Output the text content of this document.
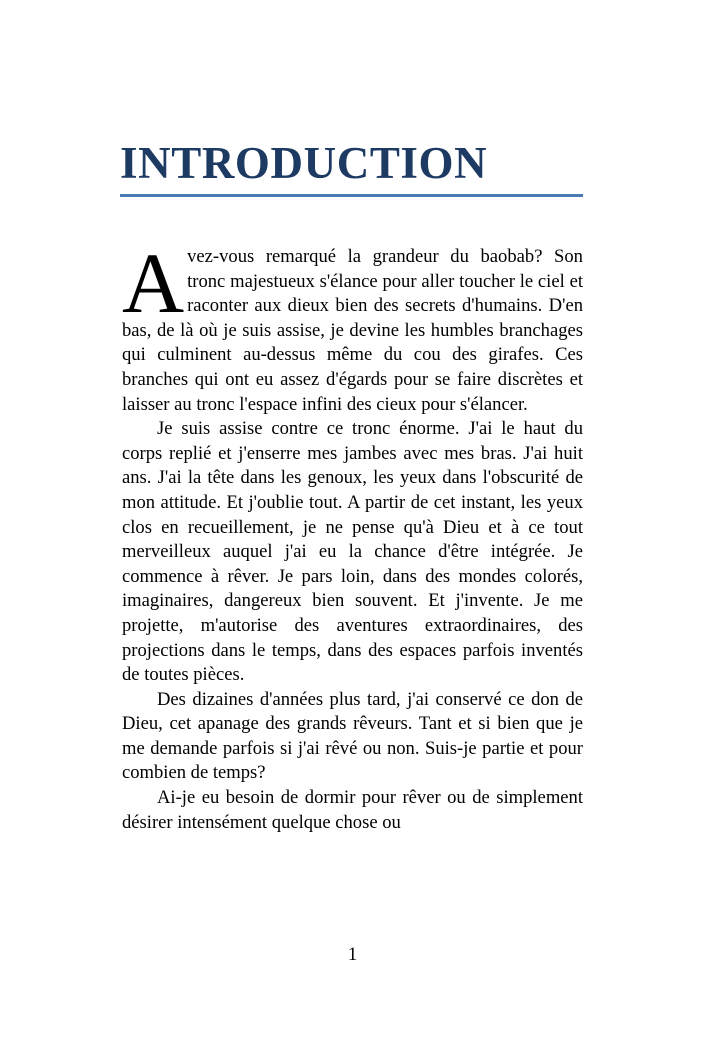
INTRODUCTION

Avez-vous remarqué la grandeur du baobab? Son tronc majestueux s'élance pour aller toucher le ciel et raconter aux dieux bien des secrets d'humains. D'en bas, de là où je suis assise, je devine les humbles branchages qui culminent au-dessus même du cou des girafes. Ces branches qui ont eu assez d'égards pour se faire discrètes et laisser au tronc l'espace infini des cieux pour s'élancer.

Je suis assise contre ce tronc énorme. J'ai le haut du corps replié et j'enserre mes jambes avec mes bras. J'ai huit ans. J'ai la tête dans les genoux, les yeux dans l'obscurité de mon attitude. Et j'oublie tout. A partir de cet instant, les yeux clos en recueillement, je ne pense qu'à Dieu et à ce tout merveilleux auquel j'ai eu la chance d'être intégrée. Je commence à rêver. Je pars loin, dans des mondes colorés, imaginaires, dangereux bien souvent. Et j'invente. Je me projette, m'autorise des aventures extraordinaires, des projections dans le temps, dans des espaces parfois inventés de toutes pièces.

Des dizaines d'années plus tard, j'ai conservé ce don de Dieu, cet apanage des grands rêveurs. Tant et si bien que je me demande parfois si j'ai rêvé ou non. Suis-je partie et pour combien de temps?

Ai-je eu besoin de dormir pour rêver ou de simplement désirer intensément quelque chose ou

1
